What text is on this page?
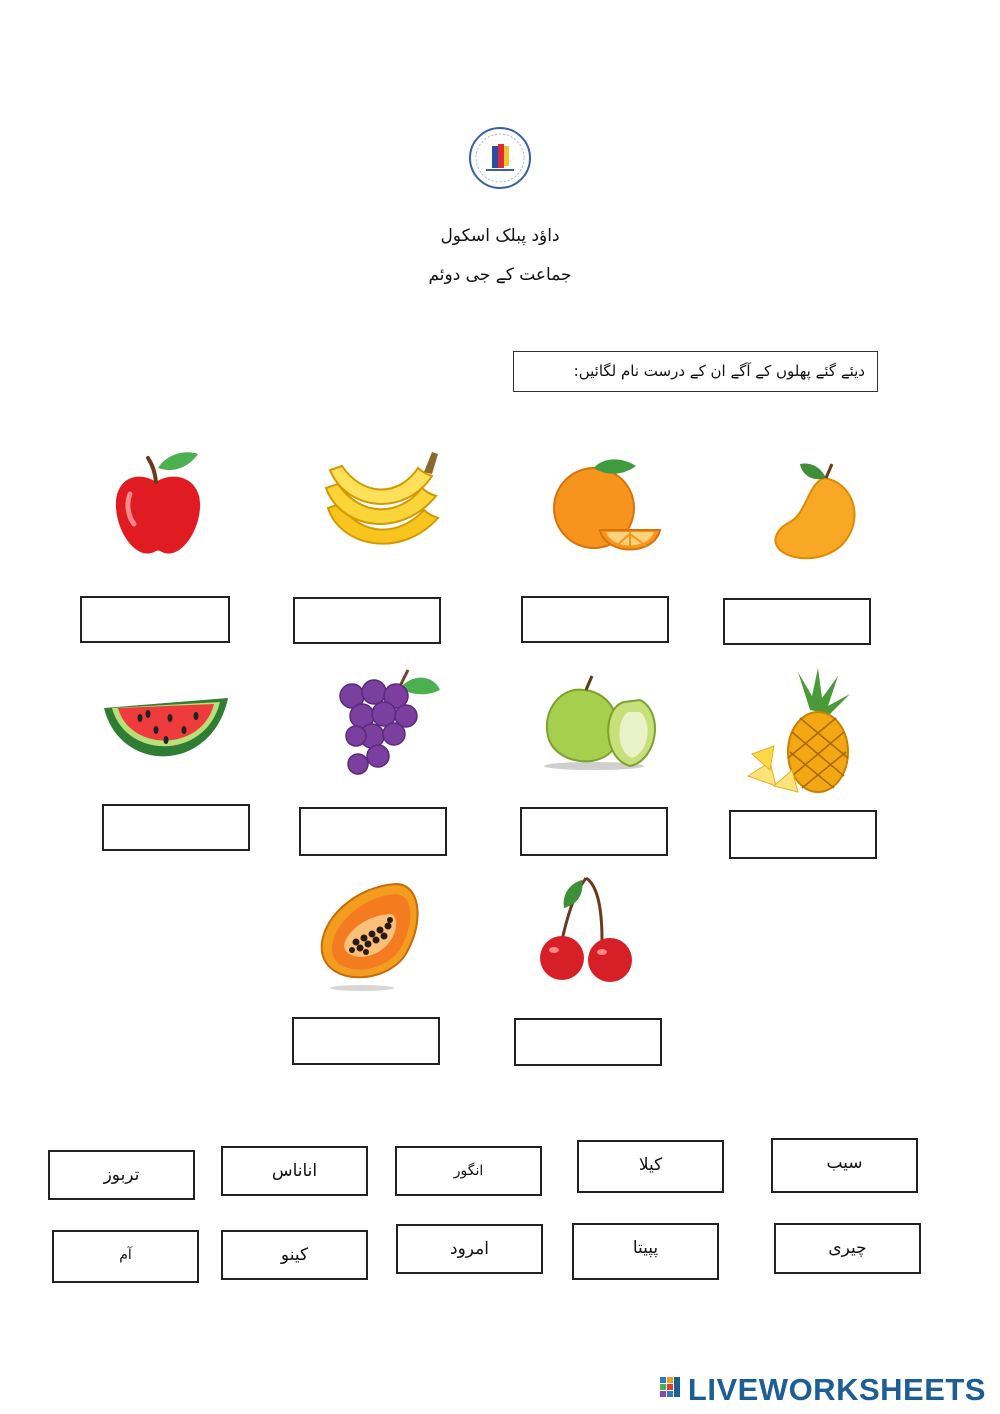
داؤد پبلک اسکول
جماعت کے جی دوئم
دیئے گئے پھلوں کے آگے ان کے درست نام لگائیں:
تربوز	اناناس	انگور	کیلا	سیب
آم	کینو	امرود	پپیتا	چیری
LIVEWORKSHEETS
